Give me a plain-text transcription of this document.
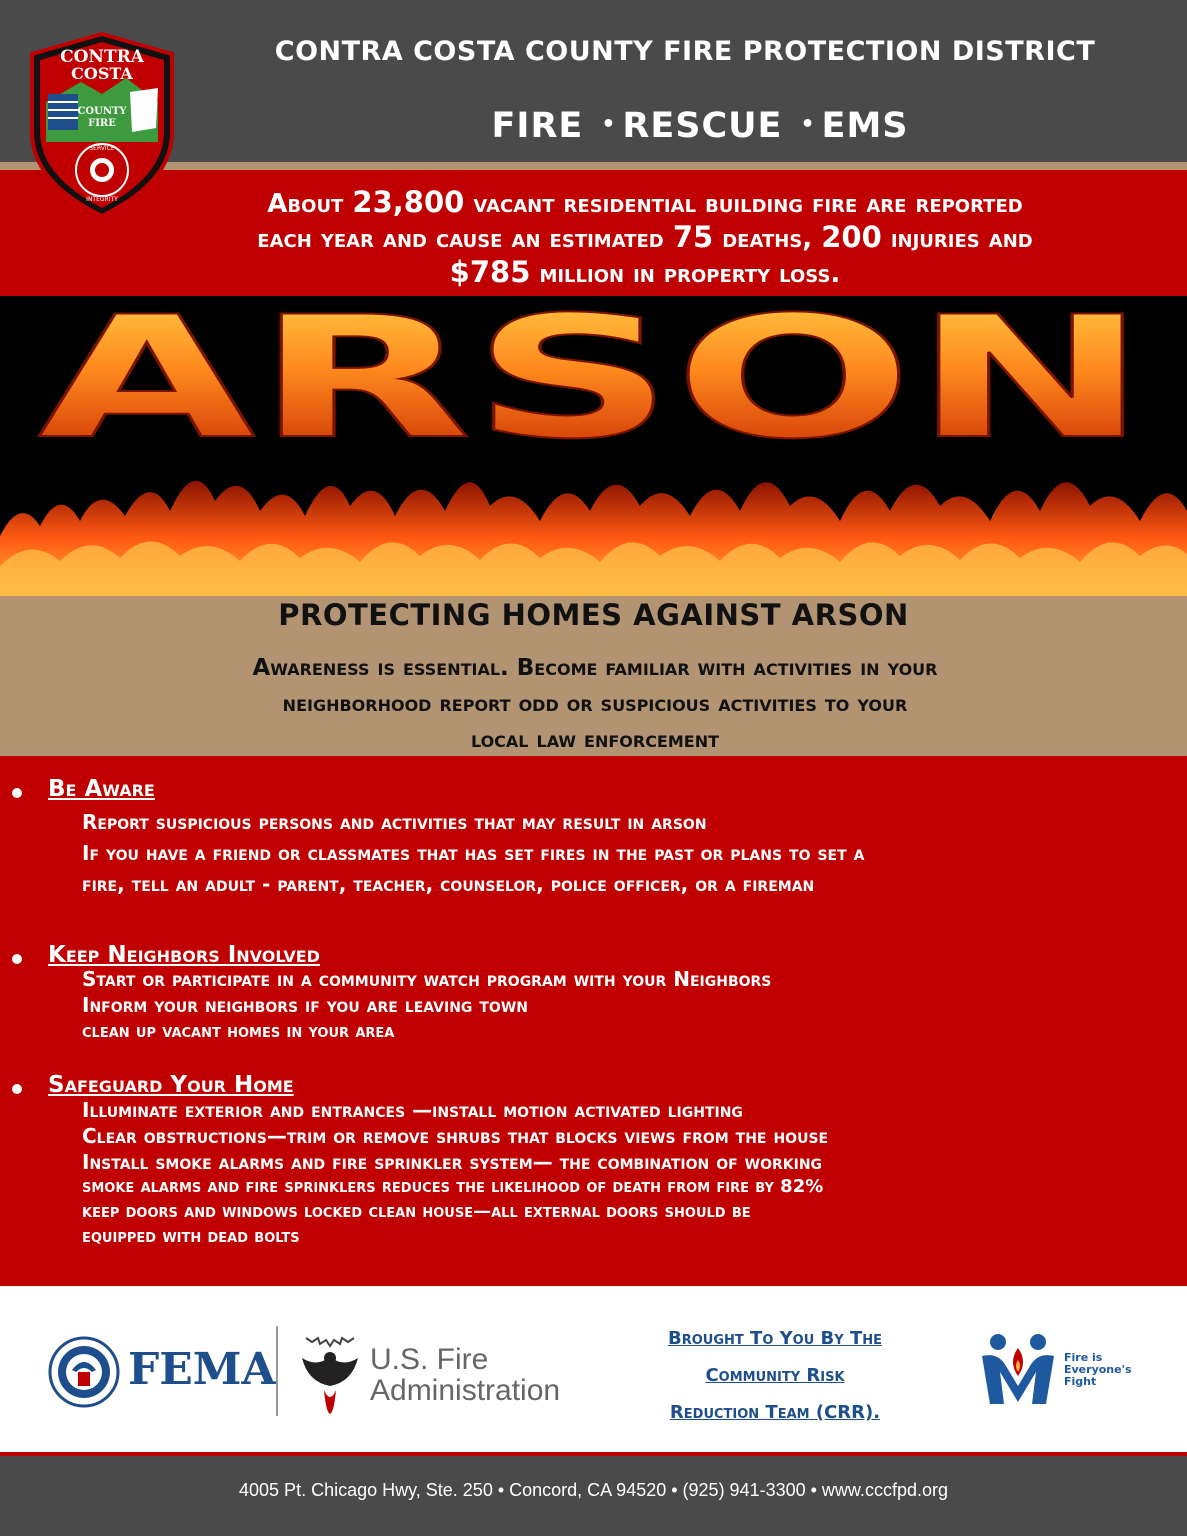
CONTRA COSTA COUNTY FIRE PROTECTION DISTRICT
FIRE • RESCUE • EMS
CONTRA
COSTA
COUNTY
FIRE
SERVICE
INTEGRITY	About 23,800 vacant residential building fire are reported
each year and cause an estimated 75 deaths, 200 injuries and
$785 million in property loss.
ARSON
PROTECTING HOMES AGAINST ARSON
Awareness is essential. Become familiar with activities in your
neighborhood report odd or suspicious activities to your
local law enforcement
Be Aware
Report suspicious persons and activities that may result in arson
If you have a friend or classmates that has set fires in the past or plans to set a
fire, tell an adult - parent, teacher, counselor, police officer, or a fireman
Keep Neighbors Involved
Start or participate in a community watch program with your Neighbors
Inform your neighbors if you are leaving town
clean up vacant homes in your area
Safeguard Your Home
Illuminate exterior and entrances —install motion activated lighting
Clear obstructions—trim or remove shrubs that blocks views from the house
Install smoke alarms and fire sprinkler system— the combination of working
smoke alarms and fire sprinklers reduces the likelihood of death from fire by 82%
keep doors and windows locked clean house—all external doors should be
equipped with dead bolts
FEMA	U.S. Fire
Administration
Brought To You By The
Community Risk
Reduction Team (CRR).
Fire is
Everyone's
Fight
4005 Pt. Chicago Hwy, Ste. 250 • Concord, CA 94520 • (925) 941-3300 • www.cccfpd.org
